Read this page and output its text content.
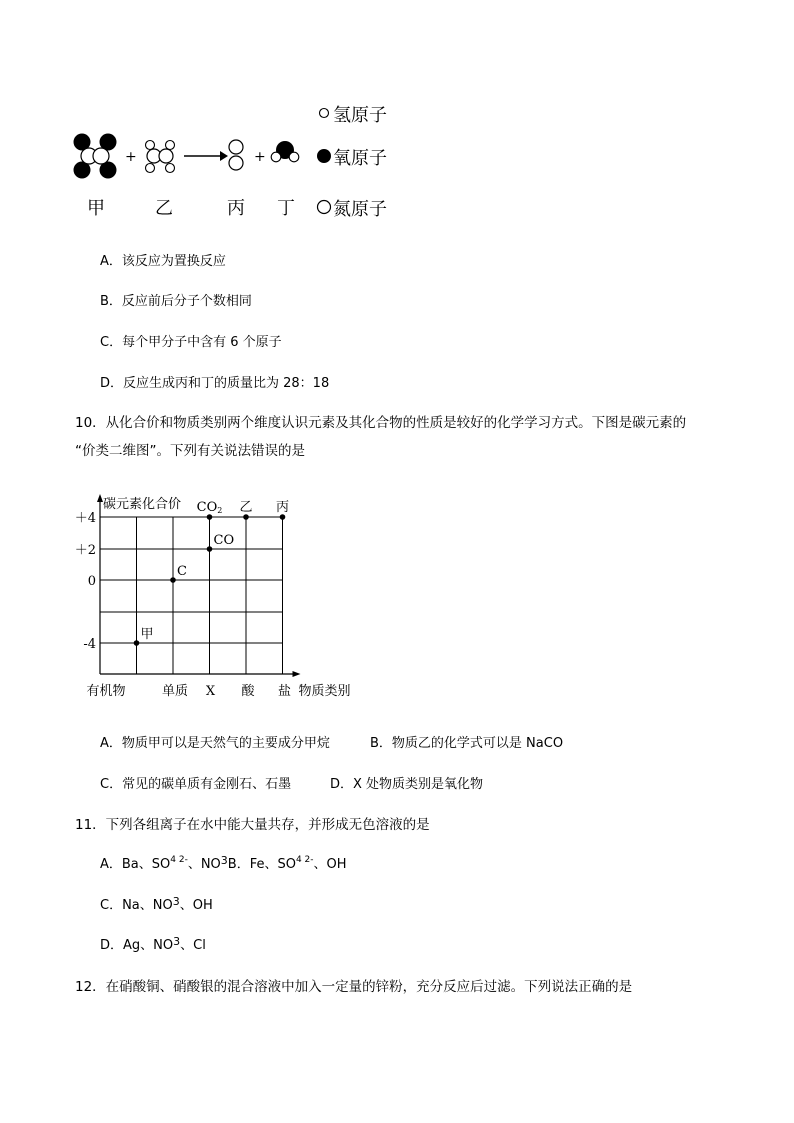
+	+
氢原子
氧原子
氮原子
甲	乙	丙 丁
A．该反应为置换反应
B．反应前后分子个数相同
C．每个甲分子中含有 6 个原子
D．反应生成丙和丁的质量比为 28：18
10．从化合价和物质类别两个维度认识元素及其化合物的性质是较好的化学学习方式。下图是碳元素的
“价类二维图”。下列有关说法错误的是
＋4
＋2
0
-4
有机物	单质 X 酸 盐
甲
C
CO
CO2 乙 丙
碳元素化合价
物质类别
A．物质甲可以是天然气的主要成分甲烷	B．物质乙的化学式可以是 NaCO
C．常见的碳单质有金刚石、石墨	D．X 处物质类别是氧化物
11．下列各组离子在水中能大量共存，并形成无色溶液的是
A．Ba、$SO^{4 2-}$、$NO^3B$．Fe、$SO^{4 2-}$、OH
C．Na、$NO^3$、OH
D．Ag、$NO^3$、Cl
12．在硝酸铜、硝酸银的混合溶液中加入一定量的锌粉，充分反应后过滤。下列说法正确的是
